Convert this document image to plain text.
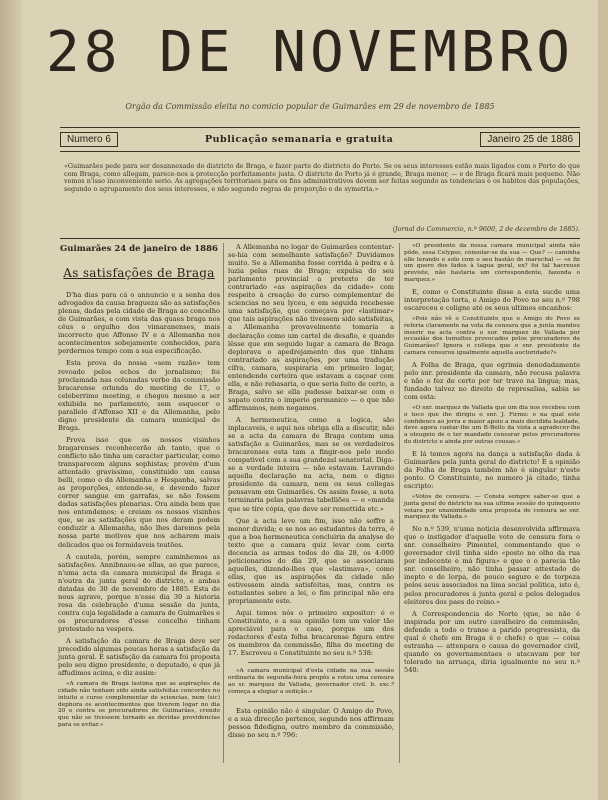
28 DE NOVEMBRO
Orgão da Commissão eleita no comicio popular de Guimarães em 29 de novembro de 1885
Numero 6	Publicação semanaria e gratuita	Janeiro 25 de 1886
«Guimarães pede para ser desannexado do districto de Braga, e fazer parte do districto do Porto. Se os seus interesses estão mais ligados com o Porto do que com Braga, como allegam, parece-nos a protecção perfeitamente justa. O districto do Porto já é grande, Braga menor, — e de Braga ficará mais pequeno. Não vemos n'isso inconveniente serio. As agregações territoriaes para os fins administrativos devem ser feitas segundo as tendencias e os habitos das populações, segundo o agrupamento dos seus interesses, e não segundo regras de proporção e de symetria.»
(Jornal do Commercio, n.º 9600, 2 de dezembro de 1885).
Guimarães 24 de janeiro de 1886
As satisfações de Braga

D'ha dias para cá o annuncio e a senha dos advogados da causa bragueza são as satisfações plenas, dadas pela cidade de Braga ao concelho de Guimarães, e com vista das quaes braga nos cêus o orgulho dos vimaranenses, mais incorrecto que Affonso IV e a Allemanha nos acontecimentos sobejamente conhecidos, para perdermos tempo com a sua especificação.

Esta prova da nossa «sem razão» tem revoado pelos echos do jornalismo; foi proclamada nas colunadas verbo da commissão bracarense orlunda do meeting de 17, o celeberrimo meeting, e chegou mesmo a ser exhibida no parlamento, sem esquecer o parallelo d'Affonso XII e da Allemanha, pelo digno presidente da camara municipal de Braga.

Prova isso que os nossos visinhos bragarenses reconhecerão ah tanto, que o conflicto não tinha um caracter particular, como transparecem alguns sophistas; provém d'um attentado gravissimo, constituido um causa belli, como o da Allemanha e Hespanha, salvas as proporções, entende-se, e devendo fazer correr sangue em garrafas, se não fossem dadas satisfações plenarias. Ora ainda bem que nos entendemos; e creiam os nossos visinhos que, se as satisfações que nos deram podem conduzir a Allemanha, não lhes daremos pela nossa parte motivos que nos acharem mais delicados que os formidaveis teutões.

A cautela, porém, sempre caminhemos as satisfações. Annibnaou-se ellas, ao que parece, n'uma acta da camara municipal de Braga e n'outra da junta geral do districto, e ambas datadas de 30 de novembro de 1885. Esta de nous agrave, porque n'esse dia 30 a historia resa da celebração d'uma sessão da junta, contra cuja legalidade a camara de Guimarães e os procuradores d'esse concelho tinham protestado na vespera.

A satisfação da camara de Braga deve ser precedido algumas poucas horas a satisfação da junta geral. E satisfação da camara foi proposta pelo seu digno presidente, o deputado, e que já affudimos acima, e diz assim:

«A camara de Braga lastima que as aspirações da cidade não tenham sido ainda satisfeitas concordes no intuito o curso complementar de sciencias, nem (sic) dephora os acontecimentos que tiverem logar no dia 20 e contra os procuradores de Guimarães, crendo que não se tivessem tornado as devidas providencias para os evitar.»

A Allemanha no logar de Guimarães contentar-se-hia com semelhante satisfação? Duvidamos muito. Se a Allemanha fosse corrida à pedra e à luzia pelas ruas de Braga; expulsa do seu parlamento provincial a pretexto de ter contrariado «as aspirações da cidade» com respeito à creação do curso complementar de sciencias no seu lyceu, e em seguida recebesse uma satisfação, que começava por «lastimar» que tais aspirações não tivessem sido satisfeitas, a Allemanha provavelmente tomaria a declaração como um cartel de desafio, e quando lêsse que em seguido lugar a camara de Braga deplorava o apedrejamento dos que tinham contrariado as aspirações, por uma tradução cifra, camara, suspiraria em primeiro logar, entendendo certeira que estavam a caçoar com ella, e não rebasaria, o que seria feito de certo, a Braga, salvo se ella pudesse baixar-se com o sapato contra o imperio germanico — o que não affirmamos, nem negamos.

A hermeneutica, como a logica, são inplacaveis, e aqui nos obriga ella a discutir, não se a acta da camara de Braga contem uma satisfação a Guimarães, mas se os verdadeiros bracarenses esta tam a fingir-nos pelo modo compativel com a sua grandezal senatorial. Diga-se a verdade inteira — não estavam. Lavrando aquella declaração na acta, nem o digno presidente da camara, nem os seus collegas pensavam em Guimarães. Os assim fosse, a nota terminaria pelas palavras tabelliões — e «manda que se tire cópia, que deve ser remettida etc.»

Que a acta leve um fim, isso não soffre a menor duvida; e se nos ao estudantes da terra, é que a boa hermeneutica concluiria da analyse do texto que a camara quiz levar com certa decencia as armas todos do dia 28, os 4:000 peticionarios do dia 29, que se associaram aquelles, dizendo-lhes que «lastimava», como ellas, que as aspirações da cidade não estivessem ainda satisfeitas, mas, contra os estudantes sobre a lei, o fim principal não era propriamente este.

Aqui temos nós o primeiro expositor: é o Constituinte, e a sua opinião tem um valor tão apreciável para o caso, porque um dos redactores d'esta folha bracarense figura entre os membros da commissão, filha do meeting de 17. Escreveu o Constituinte no seu n.º 538:

«A camara municipal d'esta cidade na sua sessão ordinaria de segunda-feira propôs a votou uma censura ao sr. marquez de Vallada, governador civil. b. exc.ª começa a elogiar a sedição.»

Esta opinião não é singular. O Amigo do Povo, e a sua direcção pertence, segundo nos affirmam pessoa fidedigna, outro membro da commissão, disse no seu n.º 796:

«O presidente da nossa camara municipal ainda não pôde, essa Celypso, consolar-se da sua — Que? — caminha elle lerando e solo com o seu bastão de marechal — «e fiz um quero dos fados à tagua geral, ex? foi tal hacreuse previste, não bastaria um correspondente, fazenda o marquez.»

E, como o Constituinte disse a esta sucde uma interpretação torta, o Amigo do Povo no seu n.º 798 escareceu e coligne até os seus ultimos encanhos:

«Pois não vê o Constituinte que o Amigo do Povo se referia claramente na vota da censura que a junta mandou inserir na acta contra o sur. marquez de Vallada por occasião dos tumultos provocados pelos procuradores de Guimarães? Ignora o collega que o snr. presidente da camara censurou igualmente aquella auctoridade?»

A Folha de Braga, que egrimia denodadamente pelo snr. presidente da camara, não recusa palavra e não o fez de certo por ter travo na lingua; mas, fundado talvez no direito de represalias, sabia se com esta:

«O snr. marquez de Vallada que um dia nos recebeu com o toco que ihe dirigiu o snr. J. Firmo: o na qual este confidencs ao jorra e maior apoio a mais decidida lealdade, deve agora cantar-lhe um B-Bello da vista a agradecer-lhe a oleugeio de o ter mandado censurar pelos procuradores do districto e ainda por outras cousas.»

E lá temos agora na dança a satisfação dada à Guimarães pela junta geral do districto! E a opinião da Folha de Braga também não é singular n'este ponto. O Constituinte, no numero já citado, tinha escripto:

«Votos de censura. — Consta sempre saber-se que a junta geral do districto na sua ultima sessão do quinquenio votara por unanimidade uma proposta de censura ao snr. marquez de Vallada.»

No n.º 539, n'uma noticia desenvolvida affirmava que o instigador d'aquelle voto de censura fora o snr. conselheiro Pimentel, commentando que o governador civil tinha sido «posto no olho da rua por indecente e má figura» e que o o parecia tão snr. conselheiro, não tinha passar attestado de inepto e de lorpa, de pouco seguro e de torpeza pelos seus associados na lima social politica, isto é, pelos procuradores á junta geral e pelos delegados eleitores dos paes do reino.»

A Correspondencia do Norte (que, se não é inspirada por um outro cavalheiro da commissão, defende a todo o transe a parido progressista, da qual é chefe em Braga é o chefe) o que — coisa estranha — attenpara o causa do governador civil, quando os governamentaes o atacavam por ter tolerado na arruaça, diria igualmente no seu n.º 540:
